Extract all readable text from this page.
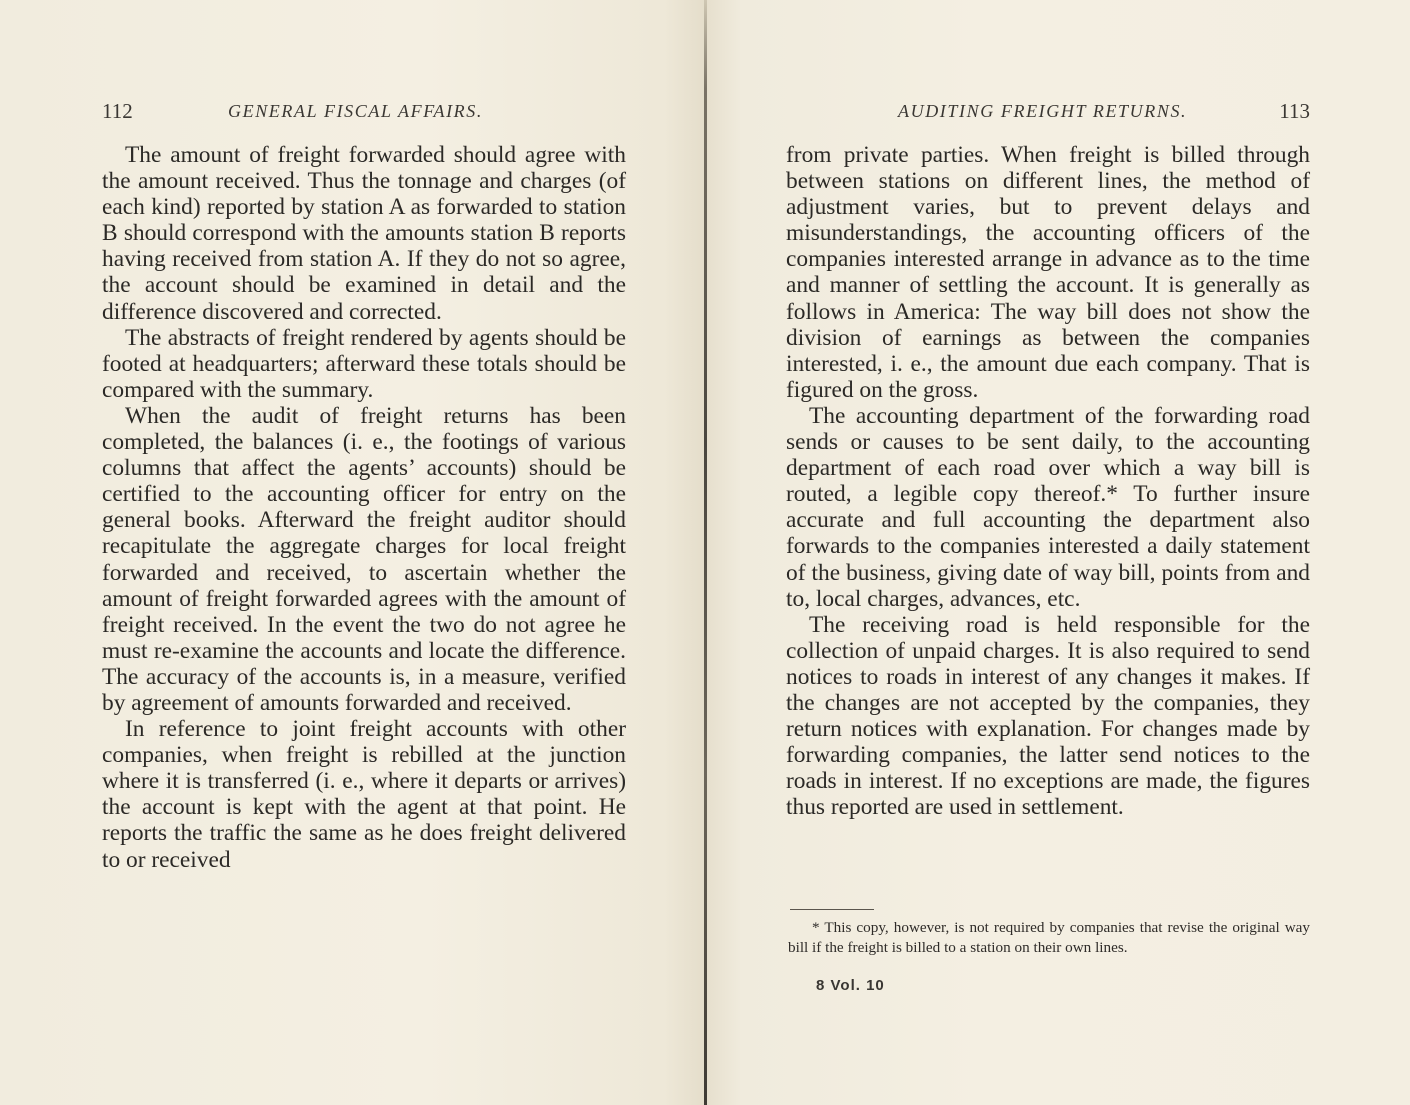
112	GENERAL FISCAL AFFAIRS.

The amount of freight forwarded should agree with the amount received. Thus the tonnage and charges (of each kind) reported by station A as forwarded to station B should correspond with the amounts station B reports having received from station A. If they do not so agree, the account should be examined in detail and the difference discovered and corrected.

The abstracts of freight rendered by agents should be footed at headquarters; afterward these totals should be compared with the summary.

When the audit of freight returns has been completed, the balances (i. e., the footings of various columns that affect the agents’ accounts) should be certified to the accounting officer for entry on the general books. Afterward the freight auditor should recapitulate the aggregate charges for local freight forwarded and received, to ascertain whether the amount of freight forwarded agrees with the amount of freight received. In the event the two do not agree he must re-examine the accounts and locate the difference. The accuracy of the accounts is, in a measure, verified by agreement of amounts forwarded and received.

In reference to joint freight accounts with other companies, when freight is rebilled at the junction where it is transferred (i. e., where it departs or arrives) the account is kept with the agent at that point. He reports the traffic the same as he does freight delivered to or received

AUDITING FREIGHT RETURNS.	113

from private parties. When freight is billed through between stations on different lines, the method of adjustment varies, but to prevent delays and misunderstandings, the accounting officers of the companies interested arrange in advance as to the time and manner of settling the account. It is generally as follows in America: The way bill does not show the division of earnings as between the companies interested, i. e., the amount due each company. That is figured on the gross.

The accounting department of the forwarding road sends or causes to be sent daily, to the accounting department of each road over which a way bill is routed, a legible copy thereof.* To further insure accurate and full accounting the department also forwards to the companies interested a daily statement of the business, giving date of way bill, points from and to, local charges, advances, etc.

The receiving road is held responsible for the collection of unpaid charges. It is also required to send notices to roads in interest of any changes it makes. If the changes are not accepted by the companies, they return notices with explanation. For changes made by forwarding companies, the latter send notices to the roads in interest. If no exceptions are made, the figures thus reported are used in settlement.

* This copy, however, is not required by companies that revise the original way bill if the freight is billed to a station on their own lines.

8 Vol. 10
